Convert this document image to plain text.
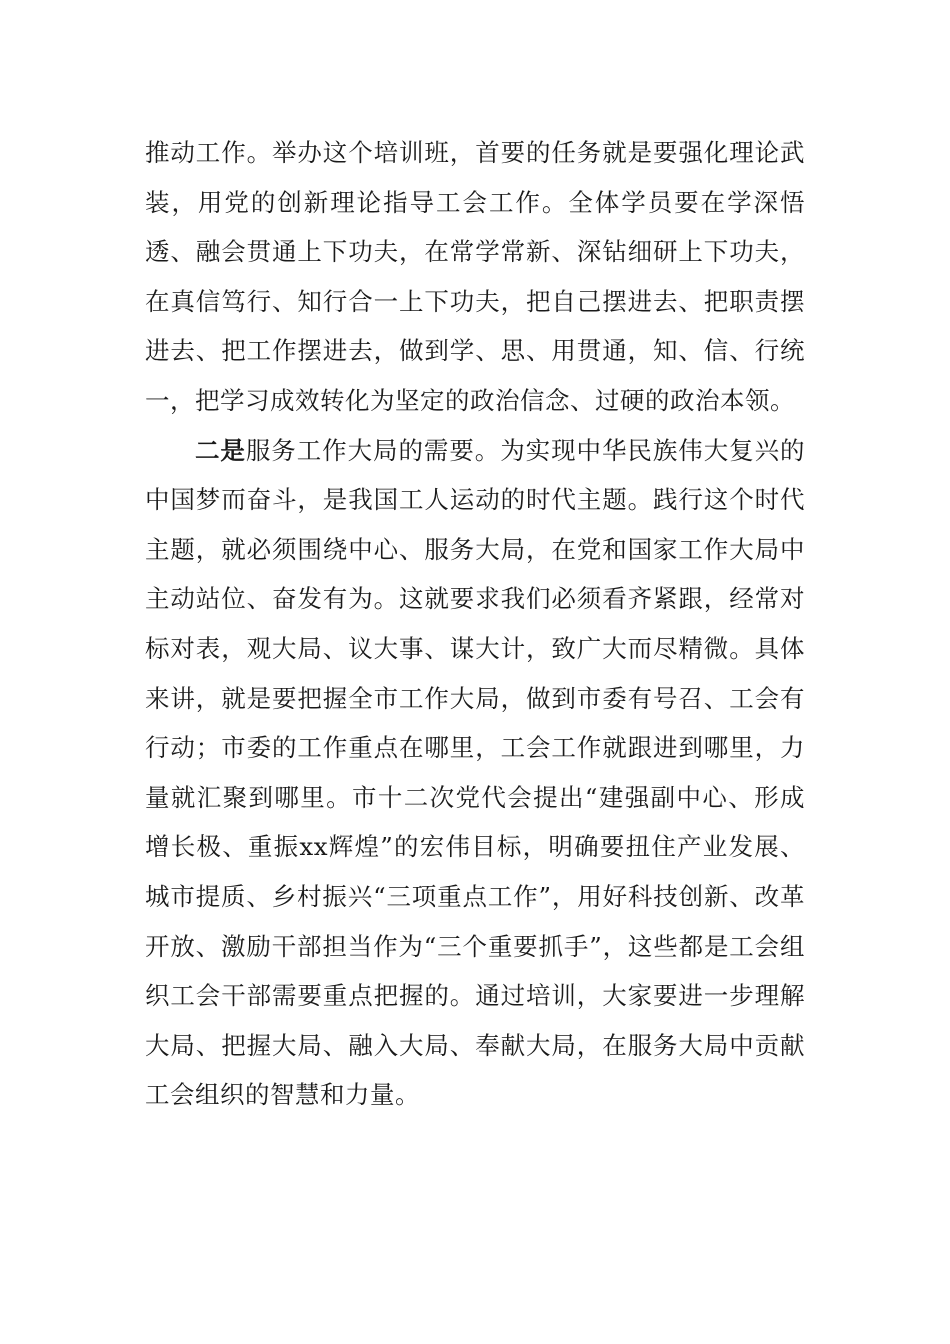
推动工作。举办这个培训班，首要的任务就是要强化理论武装，用党的创新理论指导工会工作。全体学员要在学深悟透、融会贯通上下功夫，在常学常新、深钻细研上下功夫，在真信笃行、知行合一上下功夫，把自己摆进去、把职责摆进去、把工作摆进去，做到学、思、用贯通，知、信、行统一，把学习成效转化为坚定的政治信念、过硬的政治本领。

二是服务工作大局的需要。为实现中华民族伟大复兴的中国梦而奋斗，是我国工人运动的时代主题。践行这个时代主题，就必须围绕中心、服务大局，在党和国家工作大局中主动站位、奋发有为。这就要求我们必须看齐紧跟，经常对标对表，观大局、议大事、谋大计，致广大而尽精微。具体来讲，就是要把握全市工作大局，做到市委有号召、工会有行动；市委的工作重点在哪里，工会工作就跟进到哪里，力量就汇聚到哪里。市十二次党代会提出“建强副中心、形成增长极、重振xx辉煌”的宏伟目标，明确要扭住产业发展、城市提质、乡村振兴“三项重点工作”，用好科技创新、改革开放、激励干部担当作为“三个重要抓手”，这些都是工会组织工会干部需要重点把握的。通过培训，大家要进一步理解大局、把握大局、融入大局、奉献大局，在服务大局中贡献工会组织的智慧和力量。
